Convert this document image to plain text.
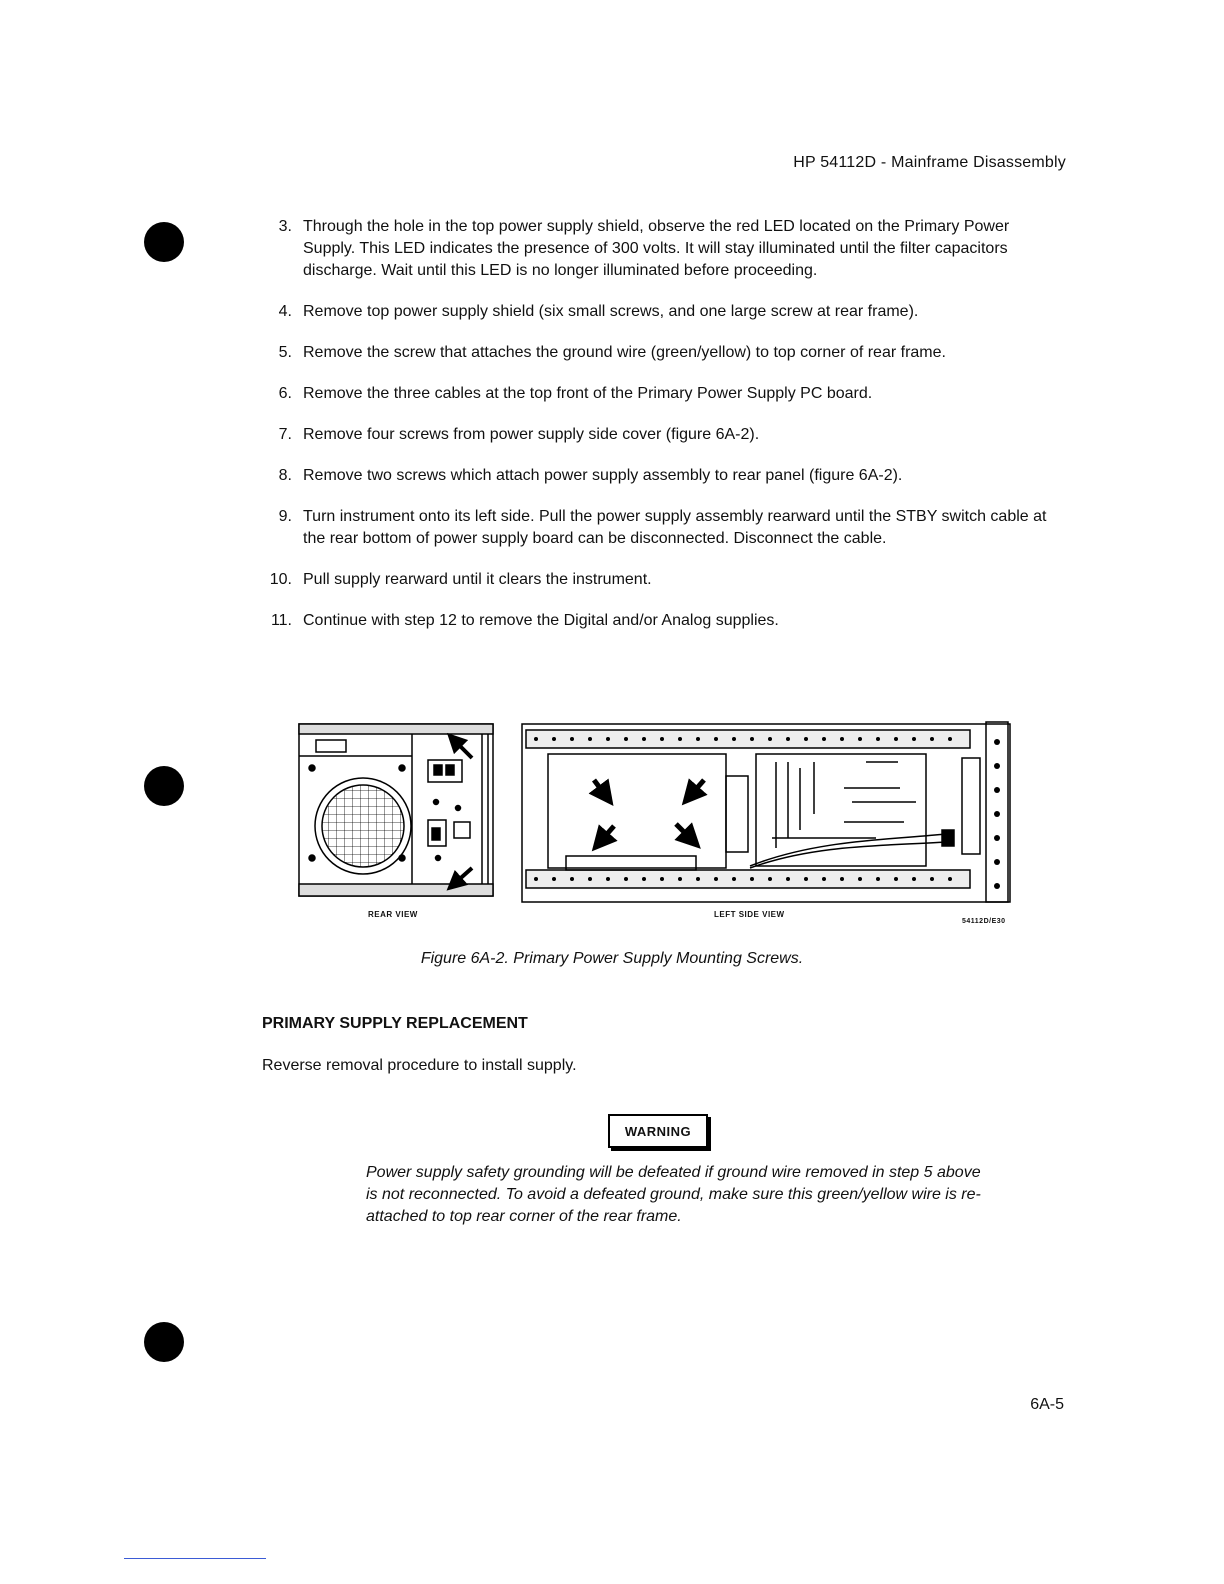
HP 54112D - Mainframe Disassembly
3. Through the hole in the top power supply shield, observe the red LED located on the Primary Power Supply. This LED indicates the presence of 300 volts. It will stay illuminated until the filter capacitors discharge. Wait until this LED is no longer illuminated before proceeding.
4. Remove top power supply shield (six small screws, and one large screw at rear frame).
5. Remove the screw that attaches the ground wire (green/yellow) to top corner of rear frame.
6. Remove the three cables at the top front of the Primary Power Supply PC board.
7. Remove four screws from power supply side cover (figure 6A-2).
8. Remove two screws which attach power supply assembly to rear panel (figure 6A-2).
9. Turn instrument onto its left side. Pull the power supply assembly rearward until the STBY switch cable at the rear bottom of power supply board can be disconnected. Disconnect the cable.
10. Pull supply rearward until it clears the instrument.
11. Continue with step 12 to remove the Digital and/or Analog supplies.
REAR VIEW	LEFT SIDE VIEW
54112D/E30
Figure 6A-2. Primary Power Supply Mounting Screws.
PRIMARY SUPPLY REPLACEMENT
Reverse removal procedure to install supply.
WARNING
Power supply safety grounding will be defeated if ground wire removed in step 5 above is not reconnected. To avoid a defeated ground, make sure this green/yellow wire is re-attached to top rear corner of the rear frame.
6A-5
